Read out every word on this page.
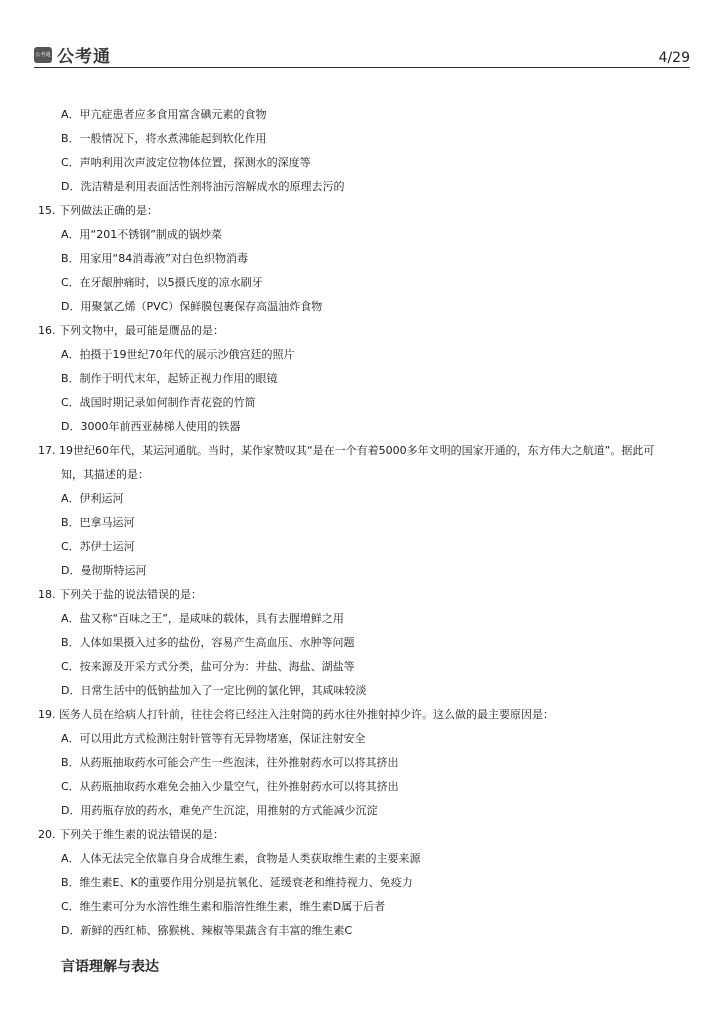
公考通 公考通	4/29
A．甲亢症患者应多食用富含碘元素的食物
B．一般情况下，将水煮沸能起到软化作用
C．声呐利用次声波定位物体位置，探测水的深度等
D．洗洁精是利用表面活性剂将油污溶解成水的原理去污的
15. 下列做法正确的是：
A．用“201不锈钢”制成的锅炒菜
B．用家用“84消毒液”对白色织物消毒
C．在牙龈肿痛时，以5摄氏度的凉水刷牙
D．用聚氯乙烯（PVC）保鲜膜包裹保存高温油炸食物
16. 下列文物中，最可能是赝品的是：
A．拍摄于19世纪70年代的展示沙俄宫廷的照片
B．制作于明代末年，起矫正视力作用的眼镜
C．战国时期记录如何制作青花瓷的竹简
D．3000年前西亚赫梯人使用的铁器
17. 19世纪60年代，某运河通航。当时，某作家赞叹其“是在一个有着5000多年文明的国家开通的，东方伟大之航道”。据此可
知，其描述的是：
A．伊利运河
B．巴拿马运河
C．苏伊士运河
D．曼彻斯特运河
18. 下列关于盐的说法错误的是：
A．盐又称“百味之王”，是咸味的载体，具有去腥增鲜之用
B．人体如果摄入过多的盐份，容易产生高血压、水肿等问题
C．按来源及开采方式分类，盐可分为：井盐、海盐、湖盐等
D．日常生活中的低钠盐加入了一定比例的氯化钾，其咸味较淡
19. 医务人员在给病人打针前，往往会将已经注入注射筒的药水往外推射掉少许。这么做的最主要原因是：
A．可以用此方式检测注射针管等有无异物堵塞，保证注射安全
B．从药瓶抽取药水可能会产生一些泡沫，往外推射药水可以将其挤出
C．从药瓶抽取药水难免会抽入少量空气，往外推射药水可以将其挤出
D．用药瓶存放的药水，难免产生沉淀，用推射的方式能减少沉淀
20. 下列关于维生素的说法错误的是：
A．人体无法完全依靠自身合成维生素，食物是人类获取维生素的主要来源
B．维生素E、K的重要作用分别是抗氧化、延缓衰老和维持视力、免疫力
C．维生素可分为水溶性维生素和脂溶性维生素，维生素D属于后者
D．新鲜的西红柿、猕猴桃、辣椒等果蔬含有丰富的维生素C
言语理解与表达
